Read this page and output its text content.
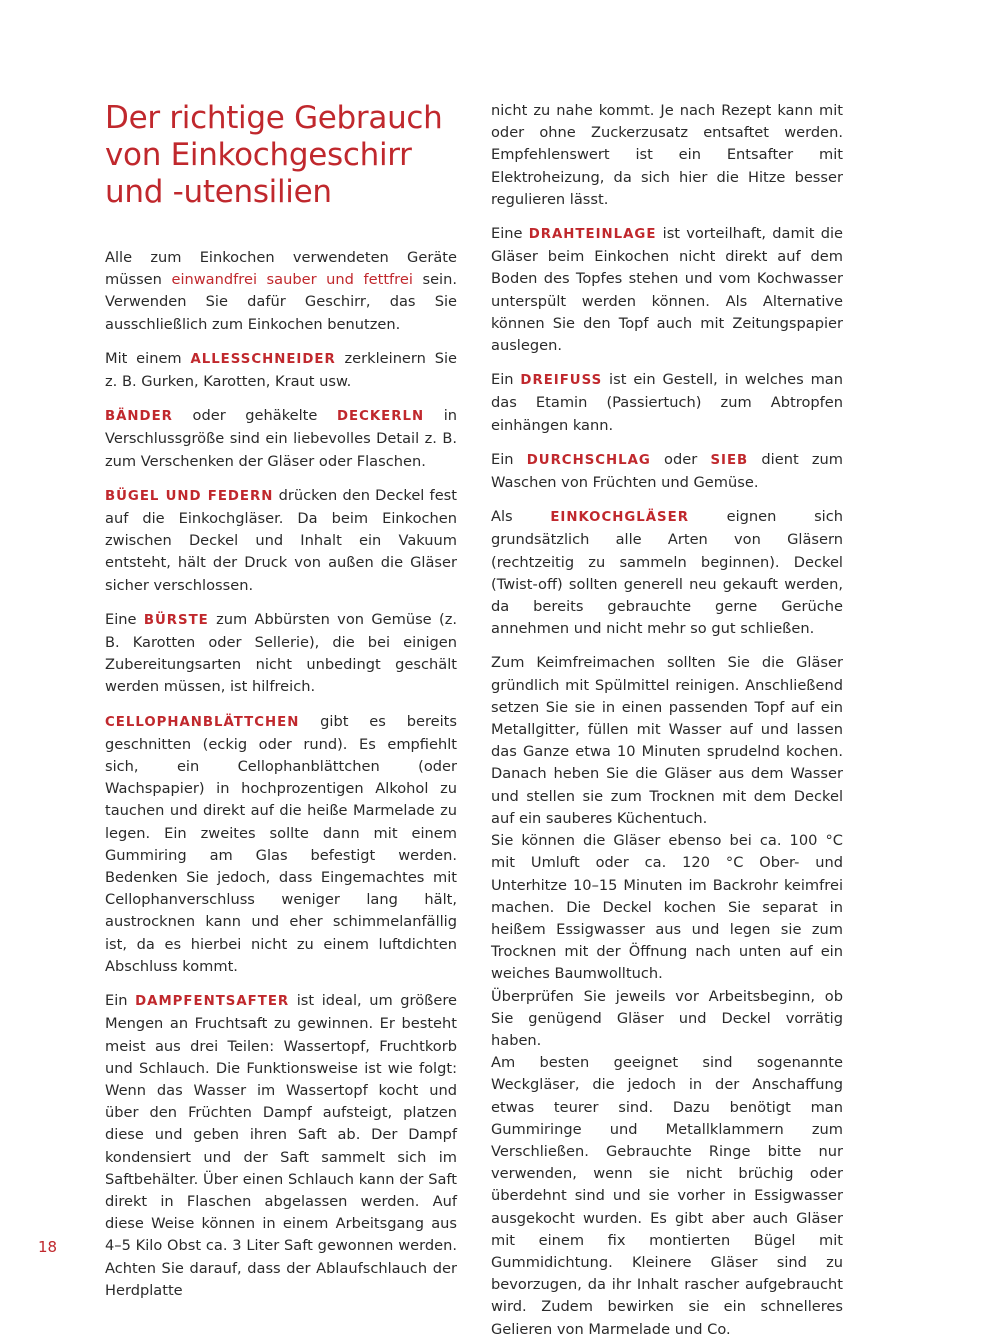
Der richtige Gebrauch von Einkochgeschirr und -utensilien

Alle zum Einkochen verwendeten Geräte müssen einwandfrei sauber und fettfrei sein. Verwenden Sie dafür Geschirr, das Sie ausschließlich zum Einkochen benutzen.

Mit einem ALLESSCHNEIDER zerkleinern Sie z. B. Gurken, Karotten, Kraut usw.

BÄNDER oder gehäkelte DECKERLN in Verschlussgröße sind ein liebevolles Detail z. B. zum Verschenken der Gläser oder Flaschen.

BÜGEL UND FEDERN drücken den Deckel fest auf die Einkochgläser. Da beim Einkochen zwischen Deckel und Inhalt ein Vakuum entsteht, hält der Druck von außen die Gläser sicher verschlossen.

Eine BÜRSTE zum Abbürsten von Gemüse (z. B. Karotten oder Sellerie), die bei einigen Zubereitungsarten nicht unbedingt geschält werden müssen, ist hilfreich.

CELLOPHANBLÄTTCHEN gibt es bereits geschnitten (eckig oder rund). Es empfiehlt sich, ein Cellophanblättchen (oder Wachspapier) in hochprozentigen Alkohol zu tauchen und direkt auf die heiße Marmelade zu legen. Ein zweites sollte dann mit einem Gummiring am Glas befestigt werden. Bedenken Sie jedoch, dass Eingemachtes mit Cellophanverschluss weniger lang hält, austrocknen kann und eher schimmelanfällig ist, da es hierbei nicht zu einem luftdichten Abschluss kommt.

Ein DAMPFENTSAFTER ist ideal, um größere Mengen an Fruchtsaft zu gewinnen. Er besteht meist aus drei Teilen: Wassertopf, Fruchtkorb und Schlauch. Die Funktionsweise ist wie folgt: Wenn das Wasser im Wassertopf kocht und über den Früchten Dampf aufsteigt, platzen diese und geben ihren Saft ab. Der Dampf kondensiert und der Saft sammelt sich im Saftbehälter. Über einen Schlauch kann der Saft direkt in Flaschen abgelassen werden. Auf diese Weise können in einem Arbeitsgang aus 4–5 Kilo Obst ca. 3 Liter Saft gewonnen werden. Achten Sie darauf, dass der Ablaufschlauch der Herdplatte

nicht zu nahe kommt. Je nach Rezept kann mit oder ohne Zuckerzusatz entsaftet werden. Empfehlenswert ist ein Entsafter mit Elektroheizung, da sich hier die Hitze besser regulieren lässt.

Eine DRAHTEINLAGE ist vorteilhaft, damit die Gläser beim Einkochen nicht direkt auf dem Boden des Topfes stehen und vom Kochwasser unterspült werden können. Als Alternative können Sie den Topf auch mit Zeitungspapier auslegen.

Ein DREIFUSS ist ein Gestell, in welches man das Etamin (Passiertuch) zum Abtropfen einhängen kann.

Ein DURCHSCHLAG oder SIEB dient zum Waschen von Früchten und Gemüse.

Als EINKOCHGLÄSER eignen sich grundsätzlich alle Arten von Gläsern (rechtzeitig zu sammeln beginnen). Deckel (Twist-off) sollten generell neu gekauft werden, da bereits gebrauchte gerne Gerüche annehmen und nicht mehr so gut schließen.

Zum Keimfreimachen sollten Sie die Gläser gründlich mit Spülmittel reinigen. Anschließend setzen Sie sie in einen passenden Topf auf ein Metallgitter, füllen mit Wasser auf und lassen das Ganze etwa 10 Minuten sprudelnd kochen. Danach heben Sie die Gläser aus dem Wasser und stellen sie zum Trocknen mit dem Deckel auf ein sauberes Küchentuch.

Sie können die Gläser ebenso bei ca. 100 °C mit Umluft oder ca. 120 °C Ober- und Unterhitze 10–15 Minuten im Backrohr keimfrei machen. Die Deckel kochen Sie separat in heißem Essigwasser aus und legen sie zum Trocknen mit der Öffnung nach unten auf ein weiches Baumwolltuch.

Überprüfen Sie jeweils vor Arbeitsbeginn, ob Sie genügend Gläser und Deckel vorrätig haben.

Am besten geeignet sind sogenannte Weckgläser, die jedoch in der Anschaffung etwas teurer sind. Dazu benötigt man Gummiringe und Metallklammern zum Verschließen. Gebrauchte Ringe bitte nur verwenden, wenn sie nicht brüchig oder überdehnt sind und sie vorher in Essigwasser ausgekocht wurden. Es gibt aber auch Gläser mit einem fix montierten Bügel mit Gummidichtung. Kleinere Gläser sind zu bevorzugen, da ihr Inhalt rascher aufgebraucht wird. Zudem bewirken sie ein schnelleres Gelieren von Marmelade und Co.

18
